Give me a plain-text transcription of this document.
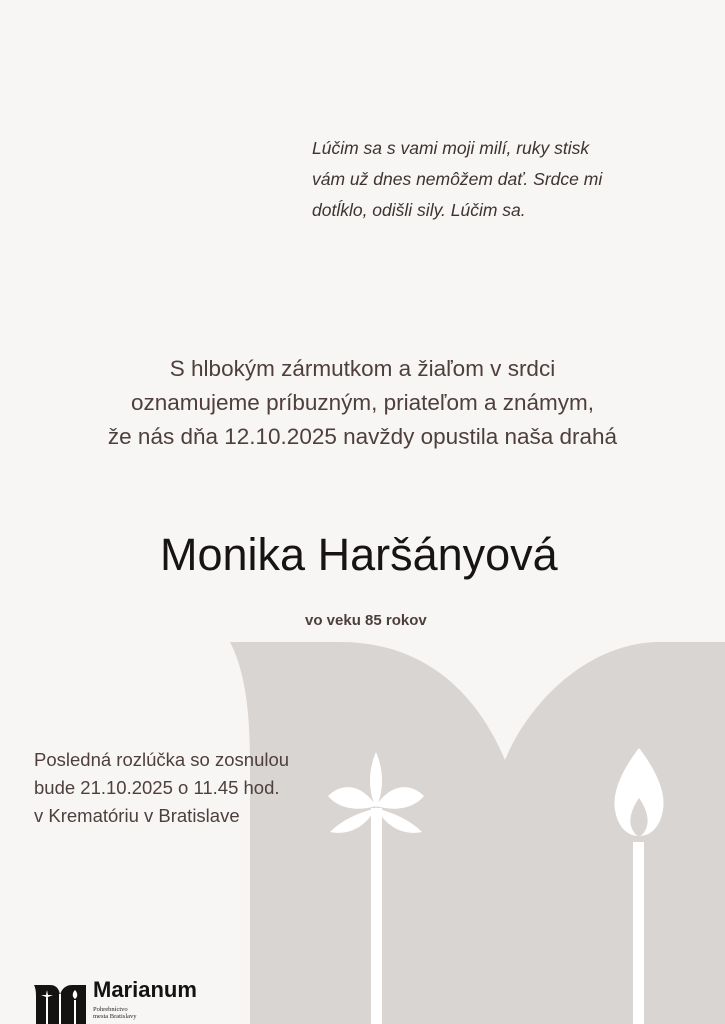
Lúčim sa s vami moji milí, ruky stisk
vám už dnes nemôžem dať. Srdce mi
dotĺklo, odišli sily. Lúčim sa.
S hlbokým zármutkom a žiaľom v srdci
oznamujeme príbuzným, priateľom a známym,
že nás dňa 12.10.2025 navždy opustila naša drahá
Monika Haršányová
vo veku 85 rokov
Posledná rozlúčka so zosnulou
bude 21.10.2025 o 11.45 hod.
v Krematóriu v Bratislave
Marianum
Pohrebníctvo
mesta Bratislavy
